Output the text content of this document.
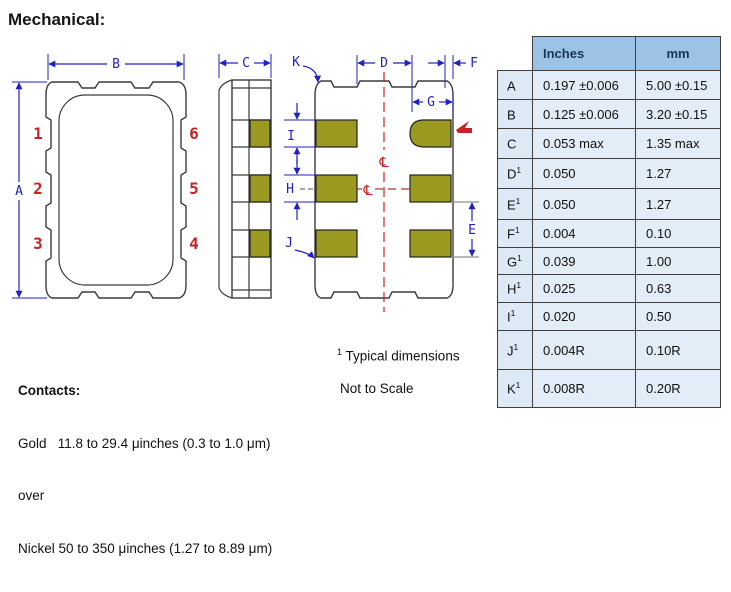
Mechanical:
A
B
1
2
3
6
5
4
C
℄
℄
D	F
G
E
K
I
H
J
	Inches	mm
A	0.197 ±0.006	5.00 ±0.15
B	0.125 ±0.006	3.20 ±0.15
C	0.053 max	1.35 max
$D^1$	0.050	1.27
$E^1$	0.050	1.27
$F^1$	0.004	0.10
$G^1$	0.039	1.00
$H^1$	0.025	0.63
$I^1$	0.020	0.50
$J^1$	0.004R	0.10R
$K^1$	0.008R	0.20R
$^1$ Typical dimensions
Not to Scale

Contacts:

Gold   11.8 to 29.4 μinches (0.3 to 1.0 μm)

over

Nickel 50 to 350 μinches (1.27 to 8.89 μm)
